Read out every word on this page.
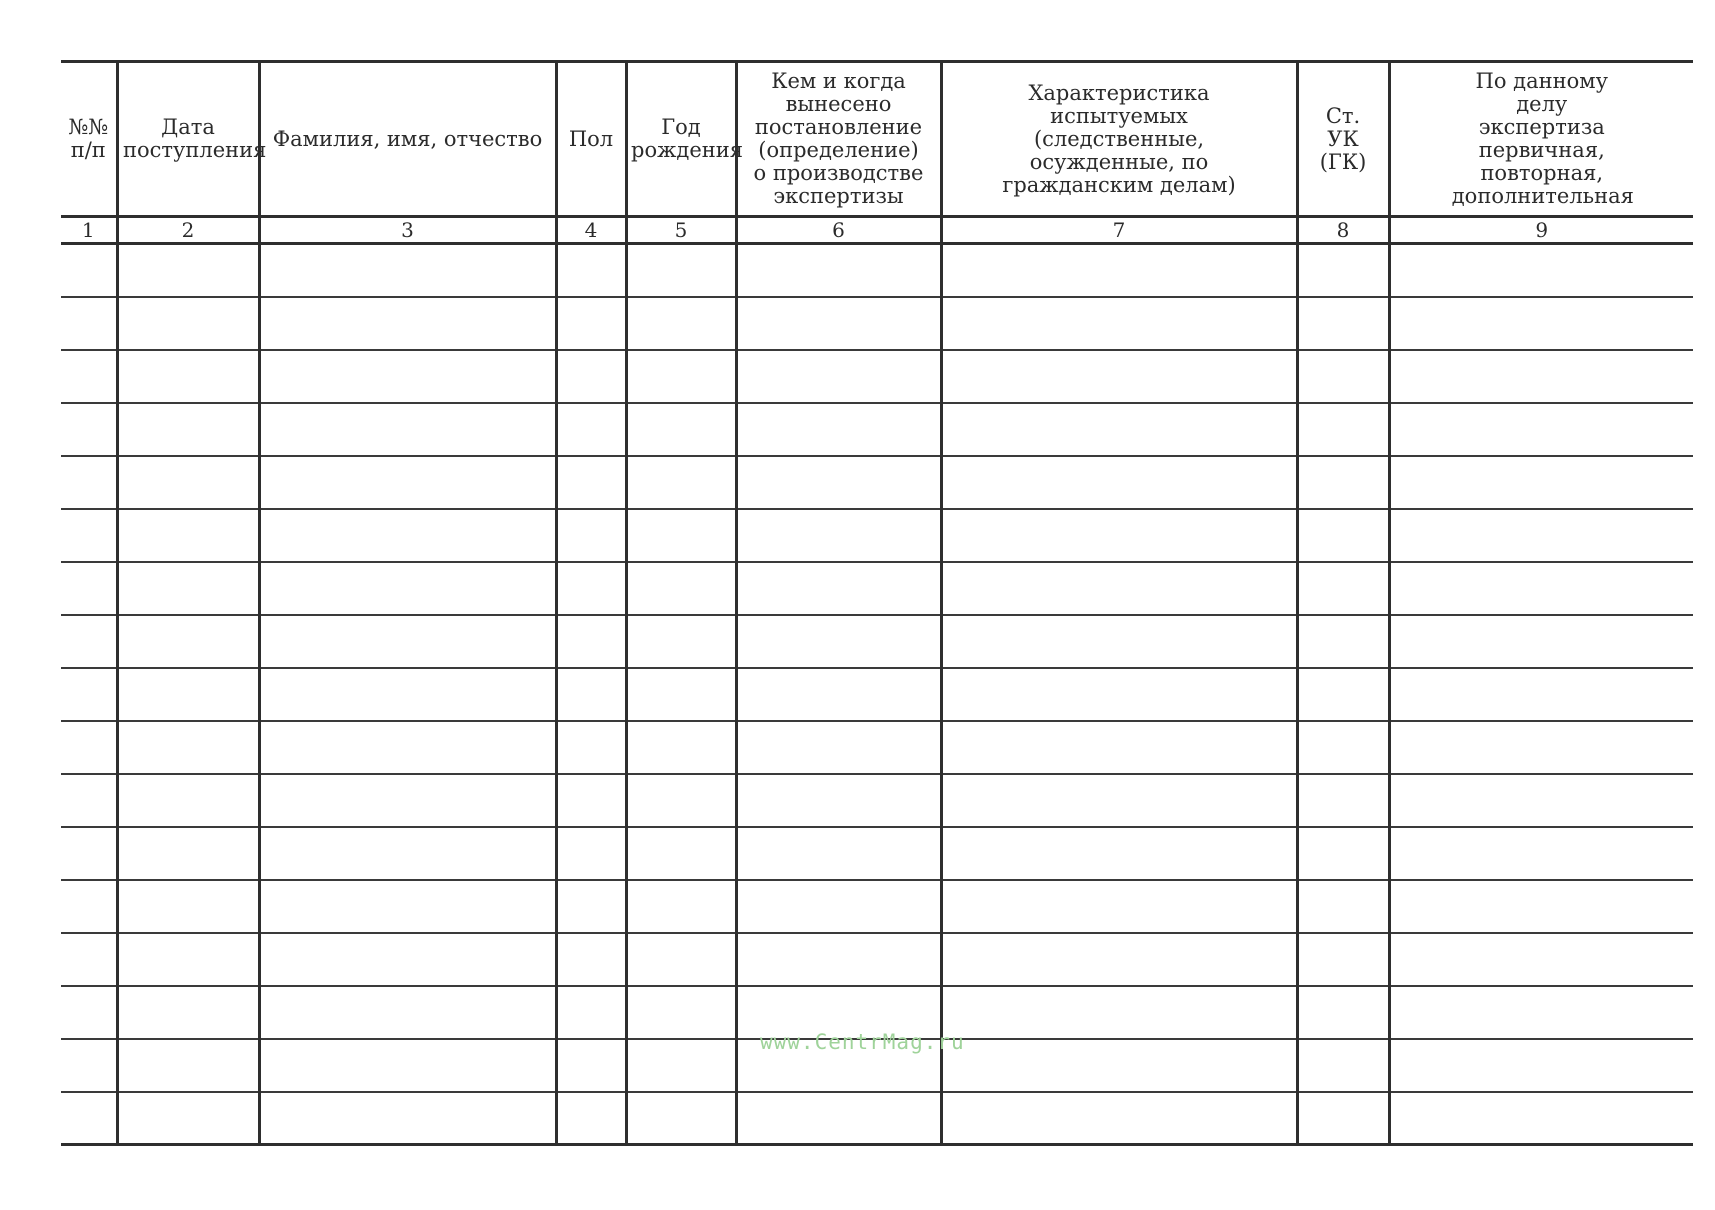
№№ п/п	Дата поступления	Фамилия, имя, отчество	Пол	Год рождения	Кем и когда вынесено постановление (определение) о производстве экспертизы	Характеристика испытуемых (следственные, осужденные, по гражданским делам)	Ст. УК (ГК)	По данному делу экспертиза первичная, повторная, дополнительная
1	2	3	4	5	6	7	8	9

www.CentrMag.ru
